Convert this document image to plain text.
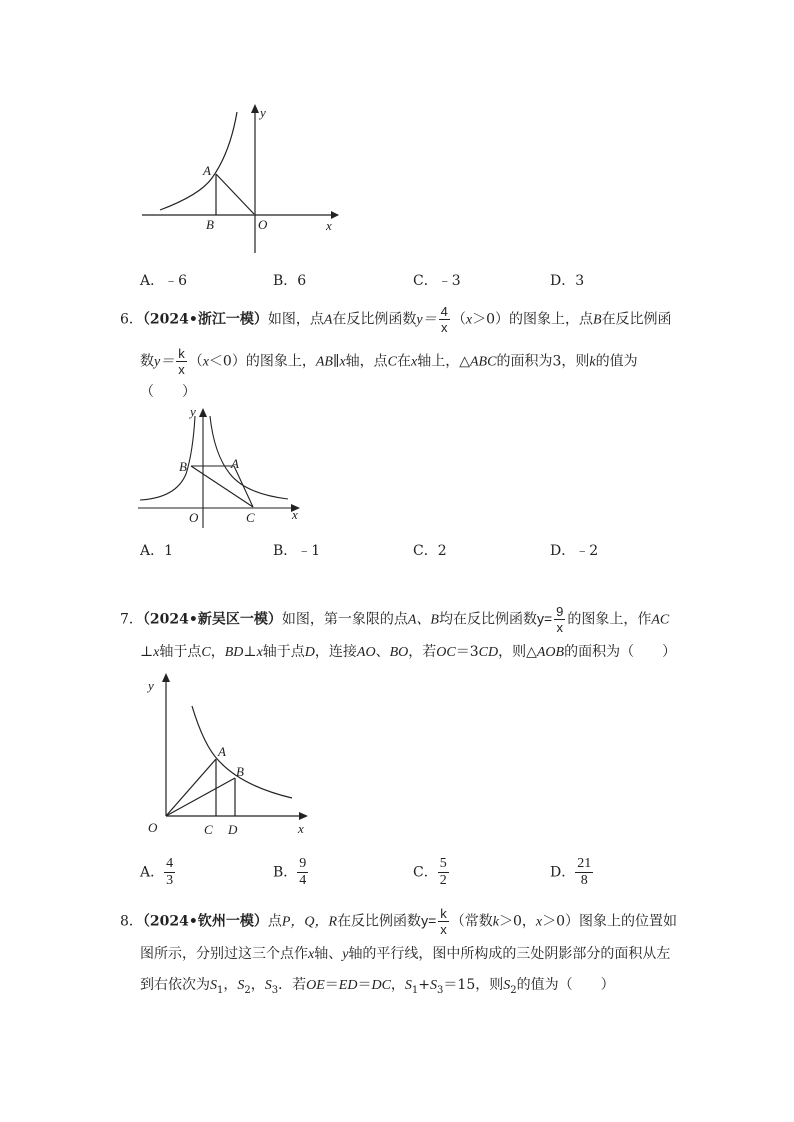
y
x
A
B	O
A．﹣6	B．6	C．﹣3	D．3
6．（2024•浙江一模）如图，点A在反比例函数$y= \frac{4}{x} (x>0)$的图象上，点B在反比例函
数$y= \frac{k}{x} (x<0)$的图象上，AB∥x轴，点C在x轴上，△ABC的面积为3，则k的值为
（　　）
y
x
B	A
O	C
A．1	B．﹣1	C．2	D．﹣2
7．（2024•新吴区一模）如图，第一象限的点A、B均在反比例函数$y= \frac{9}{x}$ 的图象上，作AC
⊥x轴于点C，BD⊥x轴于点D，连接AO、BO，若OC＝3CD，则△AOB的面积为（　　）
y
x
A
B
O	C D
A． $\frac{4}{3}$	B． $\frac{9}{4}$	C． $\frac{5}{2}$	D． $\frac{21}{8}$
8．（2024•钦州一模）点P，Q，R在反比例函数$y= \frac{k}{x}$ （常数k＞0，x＞0）图象上的位置如
图所示，分别过这三个点作x轴、y轴的平行线，图中所构成的三处阴影部分的面积从左
到右依次为$S_1$，$S_2$，$S_3$．若OE＝ED＝DC，$S_1+S_3=15$，则$S_2$的值为（　　）
